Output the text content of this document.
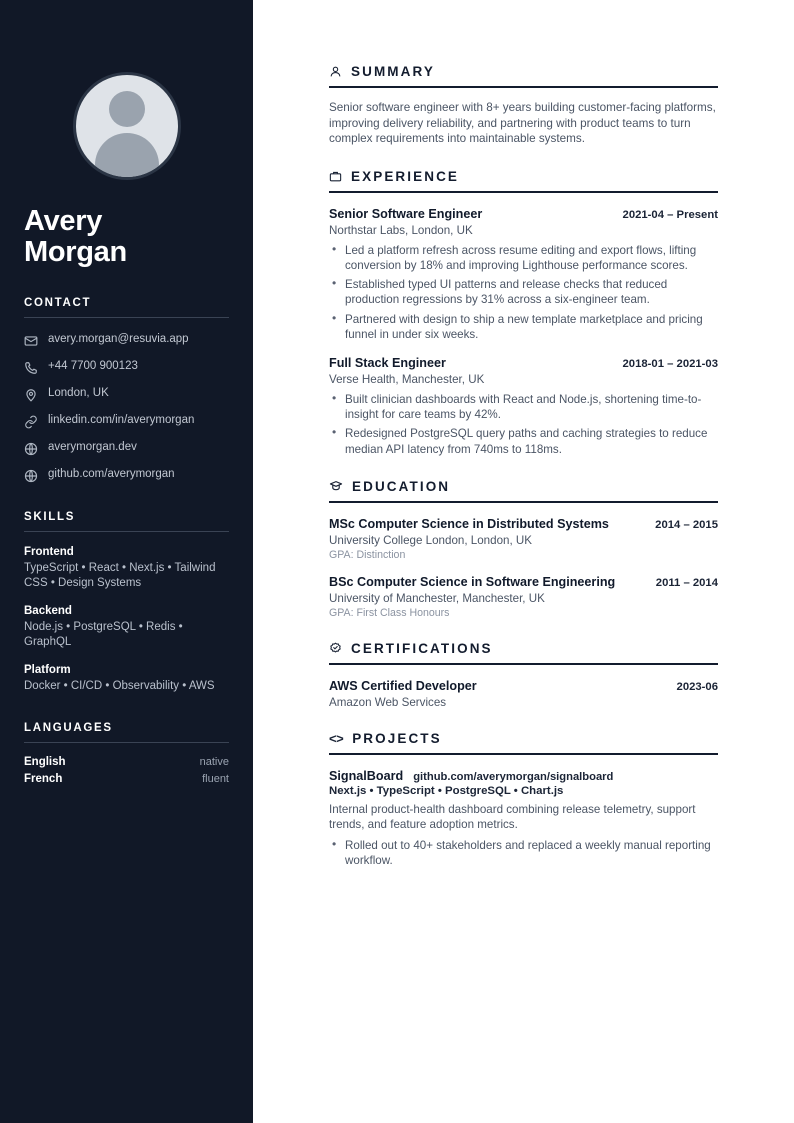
Avery
Morgan
CONTACT
avery.morgan@resuvia.app
+44 7700 900123
London, UK
linkedin.com/in/averymorgan
averymorgan.dev
github.com/averymorgan
SKILLS
Frontend
TypeScript • React • Next.js • Tailwind CSS • Design Systems
Backend
Node.js • PostgreSQL • Redis • GraphQL
Platform
Docker • CI/CD • Observability • AWS
LANGUAGES
English	native
French	fluent
SUMMARY

Senior software engineer with 8+ years building customer-facing platforms, improving delivery reliability, and partnering with product teams to turn complex requirements into maintainable systems.

EXPERIENCE
Senior Software Engineer	2021-04 – Present
Northstar Labs, London, UK
• Led a platform refresh across resume editing and export flows, lifting conversion by 18% and improving Lighthouse performance scores.
• Established typed UI patterns and release checks that reduced production regressions by 31% across a six-engineer team.
• Partnered with design to ship a new template marketplace and pricing funnel in under six weeks.
Full Stack Engineer	2018-01 – 2021-03
Verse Health, Manchester, UK
• Built clinician dashboards with React and Node.js, shortening time-to-insight for care teams by 42%.
• Redesigned PostgreSQL query paths and caching strategies to reduce median API latency from 740ms to 118ms.
EDUCATION
MSc Computer Science in Distributed Systems	2014 – 2015
University College London, London, UK
GPA: Distinction
BSc Computer Science in Software Engineering	2011 – 2014
University of Manchester, Manchester, UK
GPA: First Class Honours
CERTIFICATIONS
AWS Certified Developer	2023-06
Amazon Web Services
<> PROJECTS
SignalBoard github.com/averymorgan/signalboard
Next.js • TypeScript • PostgreSQL • Chart.js
Internal product-health dashboard combining release telemetry, support trends, and feature adoption metrics.
• Rolled out to 40+ stakeholders and replaced a weekly manual reporting workflow.
